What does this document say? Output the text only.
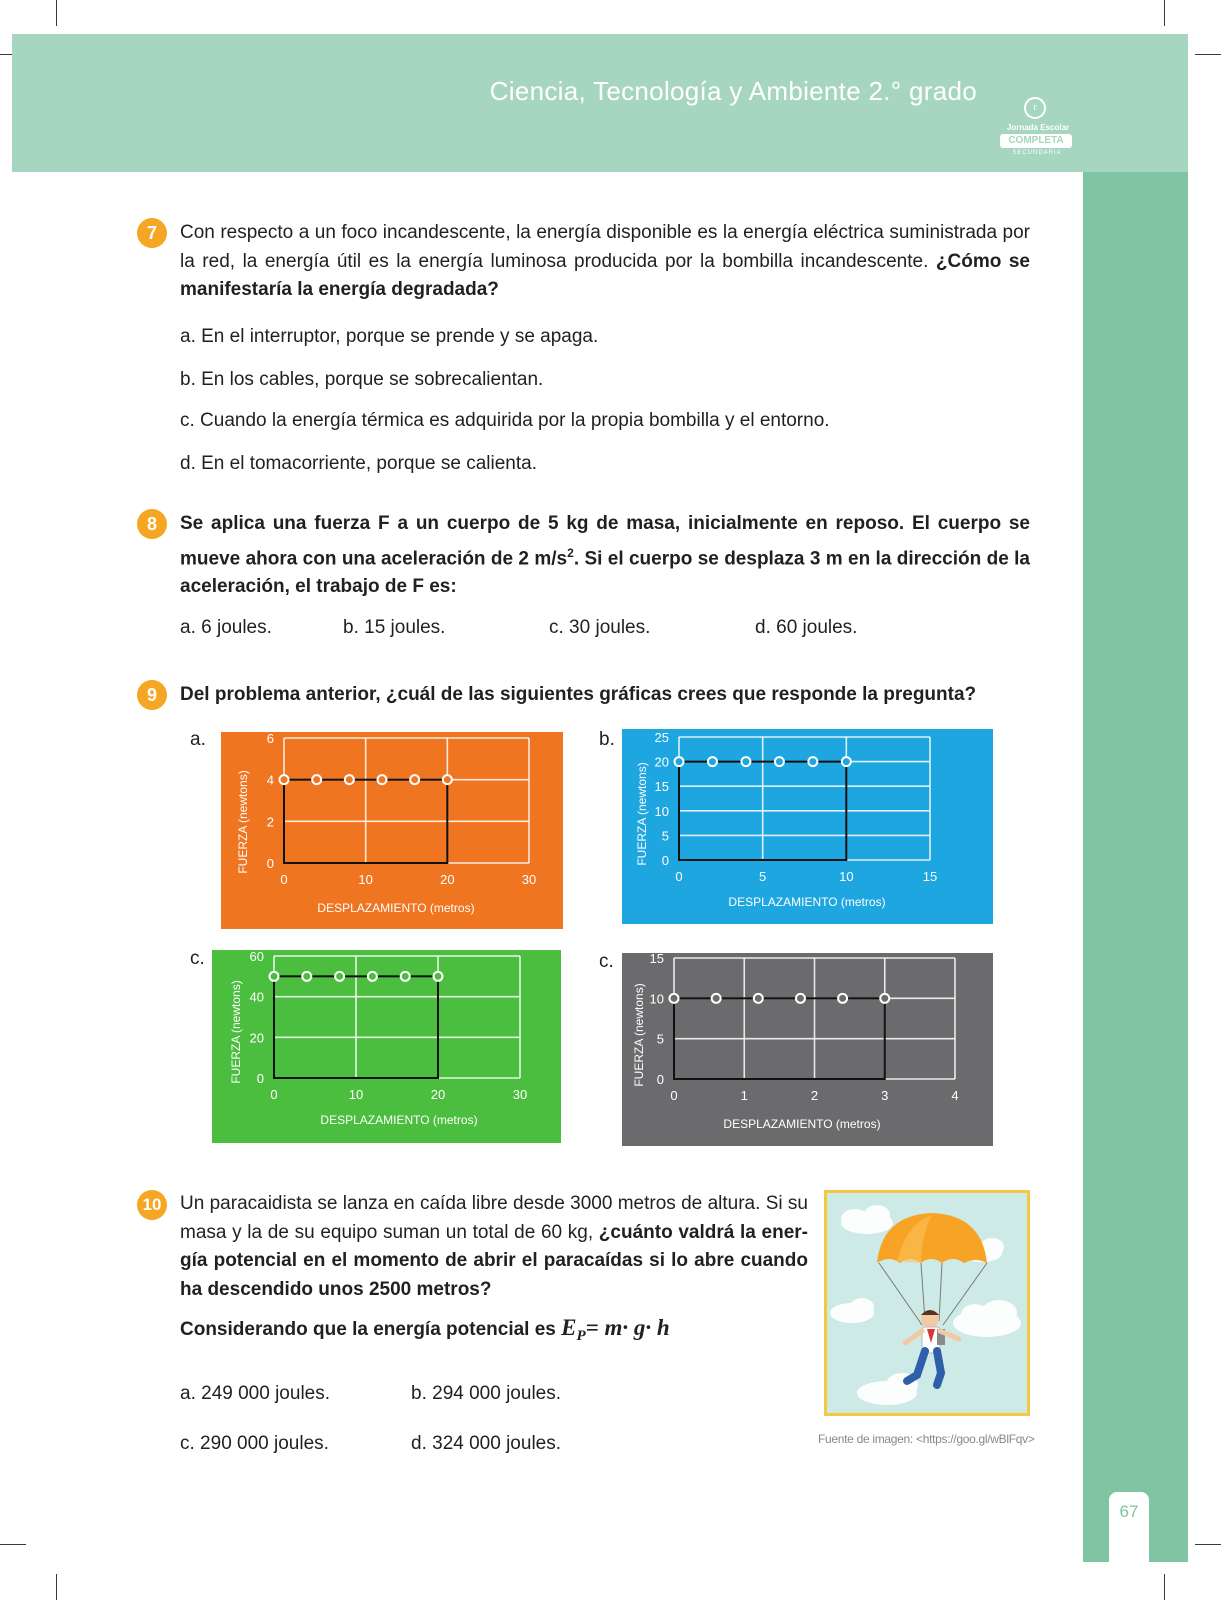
Ciencia, Tecnología y Ambiente 2.° grado
r
Jornada Escolar
COMPLETA
SECUNDARIA
67
7	Con respecto a un foco incandescente, la energía disponible es la energía eléctrica suministrada por la red, la energía útil es la energía luminosa producida por la bombilla incandescente. ¿Cómo se manifestaría la energía degradada?
a. En el interruptor, porque se prende y se apaga.
b. En los cables, porque se sobrecalientan.
c. Cuando la energía térmica es adquirida por la propia bombilla y el entorno.
d. En el tomacorriente, porque se calienta.
8	Se aplica una fuerza F a un cuerpo de 5 kg de masa, inicialmente en reposo. El cuerpo se mueve ahora con una aceleración de 2 $m/s^2$. Si el cuerpo se desplaza 3 m en la dirección de la aceleración, el trabajo de F es:
a. 6 joules.	b. 15 joules.	c. 30 joules.	d. 60 joules.
9	Del problema anterior, ¿cuál de las siguientes gráficas crees que responde la pregunta?
a.	b.
c.	c.
0	10	20	30
0
2
4
6
DESPLAZAMIENTO (metros)
FUERZA (newtons)
0	5	10	15
0
5
10
15
20
25
DESPLAZAMIENTO (metros)
FUERZA (newtons)
0	10	20	30
0
20
40
60
DESPLAZAMIENTO (metros)
FUERZA (newtons)
0	1	2	3	4
0
5
10
15
DESPLAZAMIENTO (metros)
FUERZA (newtons)
10 Un paracaidista se lanza en caída libre desde 3000 metros de altura. Si su masa y la de su equipo suman un total de 60 kg, ¿cuánto valdrá la ener-gía potencial en el momento de abrir el paracaídas si lo abre cuando ha descendido unos 2500 metros?
Considerando que la energía potencial es $E_P= m\cdot g\cdot h$
a. 249 000 joules.	b. 294 000 joules.
c. 290 000 joules.	d. 324 000 joules.	Fuente de imagen: <https://goo.gl/wBlFqv>
